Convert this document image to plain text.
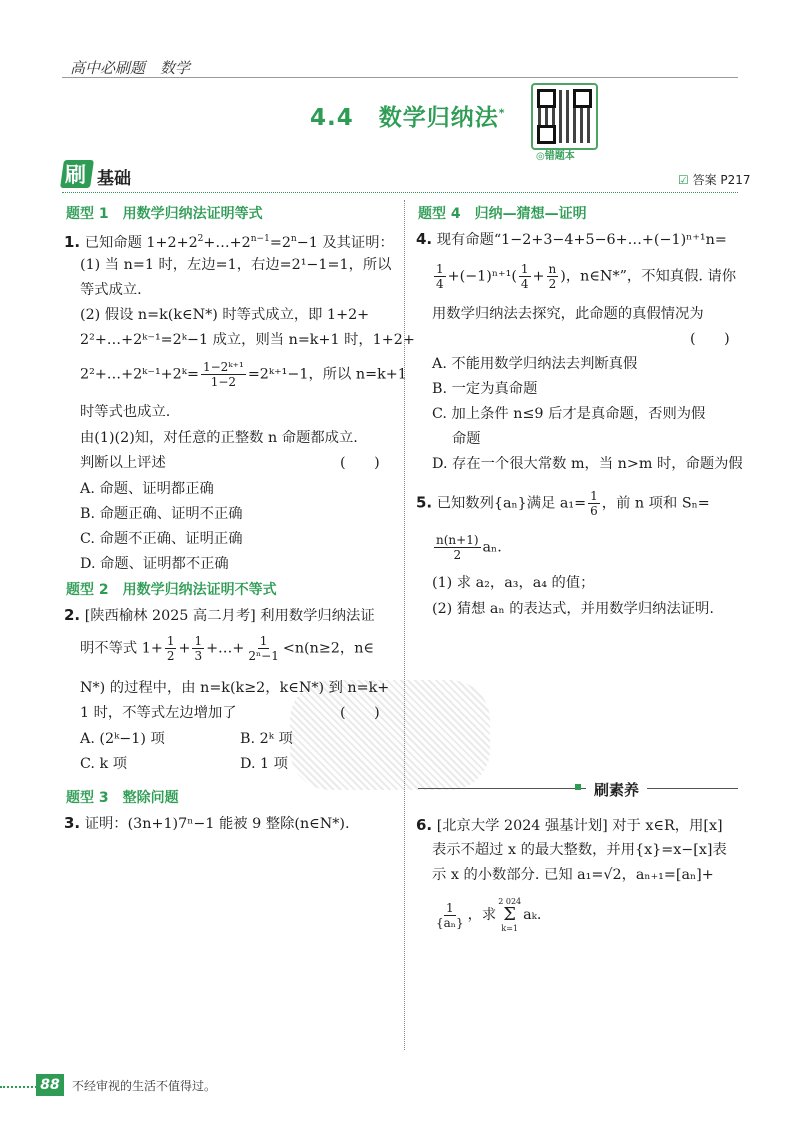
高中必刷题　数学
4.4 数学归纳法*
◎错题本
刷 基础	☑ 答案 P217
题型 1　用数学归纳法证明等式
1. 已知命题 $1+2+2^2+\dots+2^{n-1}=2^n-1$ 及其证明：
(1) 当 n=1 时，左边=1，右边=2¹−1=1，所以
等式成立.
(2) 假设 n=k(k∈N*) 时等式成立，即 1+2+
2²+…+2ᵏ⁻¹=2ᵏ−1 成立，则当 n=k+1 时，1+2+
2²+…+2ᵏ⁻¹+2ᵏ= $\frac{\text{1−2ᵏ⁺¹}}{1-2}$ =2ᵏ⁺¹−1，所以 n=k+1
时等式也成立.
由(1)(2)知，对任意的正整数 n 命题都成立.
判断以上评述	(　　)
A. 命题、证明都正确
B. 命题正确、证明不正确
C. 命题不正确、证明正确
D. 命题、证明都不正确
题型 2　用数学归纳法证明不等式
2. [陕西榆林 2025 高二月考] 利用数学归纳法证
明不等式 $1+ \frac{1}{2} + \frac{1}{3}$ +…+ $\frac{1}{\text{2ⁿ−1}} <n(n\ge 2$，n∈
N*) 的过程中，由 n=k(k≥2，k∈N*) 到 n=k+
1 时，不等式左边增加了	(　　)
A. (2ᵏ−1) 项	B. 2ᵏ 项
C. k 项	D. 1 项
题型 3　整除问题
3. 证明：(3n+1)7ⁿ−1 能被 9 整除(n∈N*).
题型 4　归纳—猜想—证明
4. 现有命题“1−2+3−4+5−6+…+(−1)ⁿ⁺¹n=
$\frac{1}{4} +(-1)^{n+1}( \frac{1}{4} + \frac{n}{2}$ )，n∈N*”，不知真假. 请你
用数学归纳法去探究，此命题的真假情况为
(　　)
A. 不能用数学归纳法去判断真假
B. 一定为真命题
C. 加上条件 n≤9 后才是真命题，否则为假
命题
D. 存在一个很大常数 m，当 n>m 时，命题为假
5. 已知数列{aₙ}满足 $a_1= \frac{1}{6}$ ，前 n 项和 Sₙ=
$\frac{n(n+1)}{2} a_n$.
(1) 求 a₂，a₃，a₄ 的值；
(2) 猜想 aₙ 的表达式，并用数学归纳法证明.
刷素养
6. [北京大学 2024 强基计划] 对于 x∈R，用[x]
表示不超过 x 的最大整数，并用{x}=x−[x]表
示 x 的小数部分. 已知 a₁=√2，aₙ₊₁=[aₙ]+
$\frac{1}{\text{\{aₙ\}}}$ ，求
2 024
Σ
k=1
aₖ.
88	不经审视的生活不值得过。
